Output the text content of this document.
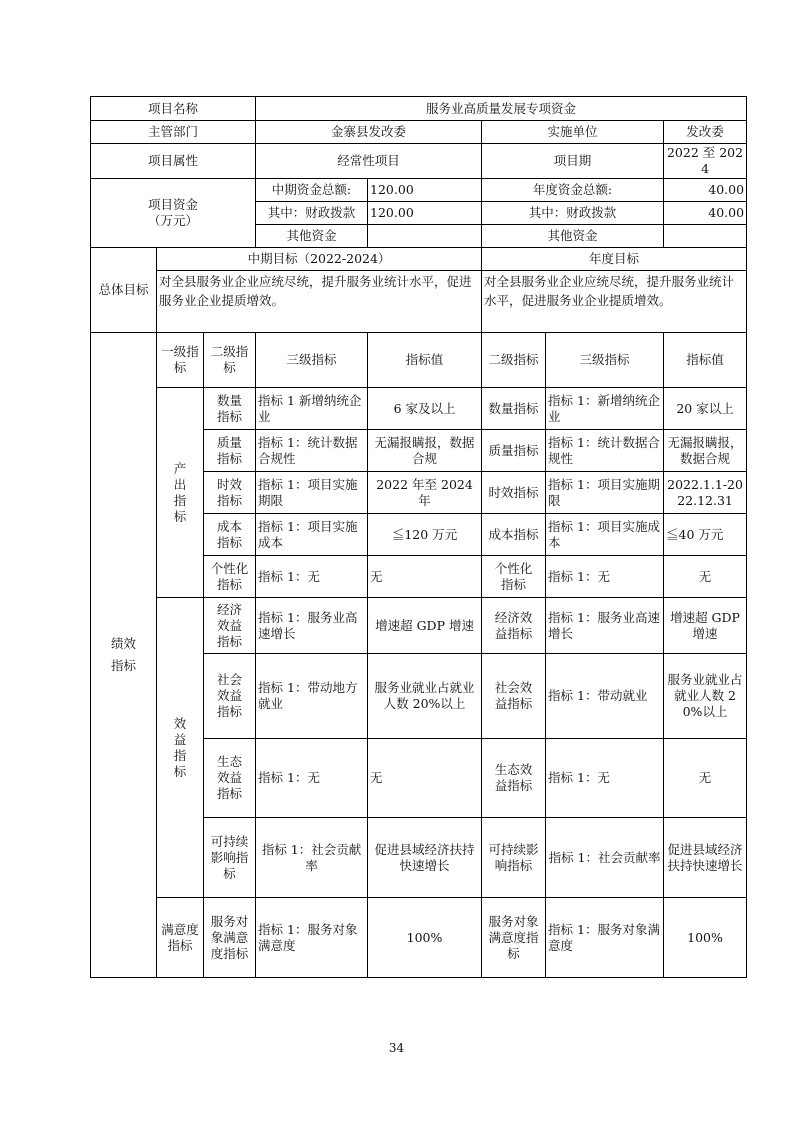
项目名称			服务业高质量发展专项资金				
主管部门			金寨县发改委		实施单位		发改委
项目属性			经常性项目		项目期		2022 至 2024

项目资金
（万元）			中期资金总额:	120.00	年度资金总额:		40.00
			其中：财政拨款	120.00	其中：财政拨款		40.00
			其他资金		其他资金		
总体目标	中期目标（2022-2024）				年度目标		
	对全县服务业企业应统尽统，提升服务业统计水平，促进服务业企业提质增效。				对全县服务业企业应统尽统，提升服务业统计水平，促进服务业企业提质增效。		
绩效指标	一级指标	二级指标	三级指标	指标值	二级指标	三级指标	指标值
	产出指标	数量指标	指标 1 新增纳统企业	6 家及以上	数量指标	指标 1：新增纳统企业	20 家以上
		质量指标	指标 1：统计数据合规性	无漏报瞒报，数据合规	质量指标	指标 1：统计数据合规性	无漏报瞒报，数据合规
		时效指标	指标 1：项目实施期限	2022 年至 2024 年	时效指标	指标 1：项目实施期限	2022.1.1-2022.12.31
		成本指标	指标 1：项目实施成本	≦120 万元	成本指标	指标 1：项目实施成本	≦40 万元
		个性化指标	指标 1：无	无	个性化指标	指标 1：无	无
	效益指标	经济效益指标	指标 1：服务业高速增长	增速超 GDP 增速	经济效益指标	指标 1：服务业高速增长	增速超 GDP 增速
		社会效益指标	指标 1：带动地方就业	服务业就业占就业人数 20%以上	社会效益指标	指标 1：带动就业	服务业就业占就业人数 20%以上
		生态效益指标	指标 1：无	无	生态效益指标	指标 1：无	无
		可持续影响指标	指标 1：社会贡献率	促进县域经济扶持快速增长	可持续影响指标	指标 1：社会贡献率	促进县域经济扶持快速增长
	满意度指标	服务对象满意度指标	指标 1：服务对象满意度	100%	服务对象满意度指标	指标 1：服务对象满意度	100%
34
